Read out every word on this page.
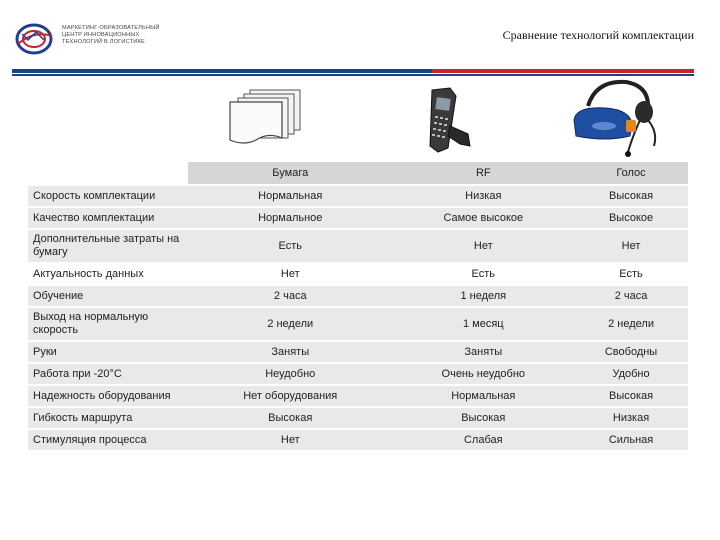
МАРКЕТИНГ-ОБРАЗОВАТЕЛЬНЫЙ
ЦЕНТР ИННОВАЦИОННЫХ
ТЕХНОЛОГИЙ В ЛОГИСТИКЕ	Сравнение технологий комплектации
	Бумага	RF	Голос
Скорость комплектации	Нормальная	Низкая	Высокая
Качество комплектации	Нормальное	Самое высокое	Высокое
Дополнительные затраты на бумагу	Есть	Нет	Нет
Актуальность данных	Нет	Есть	Есть
Обучение	2 часа	1 неделя	2 часа
Выход на нормальную скорость	2 недели	1 месяц	2 недели
Руки	Заняты	Заняты	Свободны
Работа при -20°C	Неудобно	Очень неудобно	Удобно
Надежность оборудования	Нет оборудования	Нормальная	Высокая
Гибкость маршрута	Высокая	Высокая	Низкая
Стимуляция процесса	Нет	Слабая	Сильная
